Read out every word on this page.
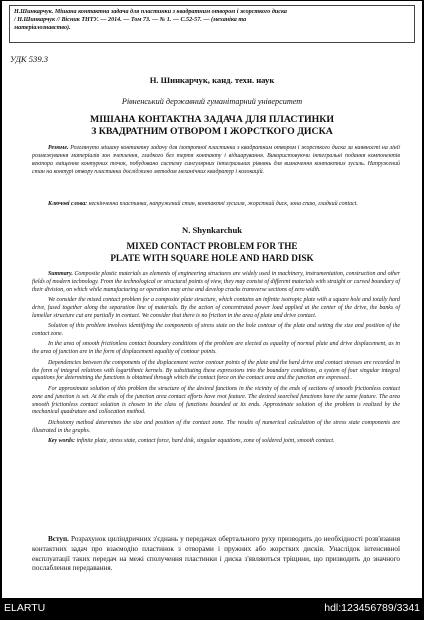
Н.Шинкарчук. Мішана контактна задача для пластинки з квадратним отвором і жорсткого диска
/ Н.Шинкарчук // Вісник ТНТУ. — 2014. — Том 73. — № 1. — С.52-57. — (механіка та
матеріалознавство).
УДК 539.3
Н. Шинкарчук, канд. техн. наук
Рівненський державний гуманітарний університет
МІШАНА КОНТАКТНА ЗАДАЧА ДЛЯ ПЛАСТИНКИ
З КВАДРАТНИМ ОТВОРОМ І ЖОРСТКОГО ДИСКА
Резюме. Розглянуто мішану контактну задачу для ізотропної пластинки з квадратним отвором і жорсткого диска за наявності на лінії розмежування матеріалів зон зчеплення, гладкого без тертя контакту і відшарування. Використовуючи інтегральні подання компонентів вектора зміщення контурних точок, побудовано систему сингулярних інтегральних рівнянь для визначення контактних зусиль. Напружений стан на контурі отвору пластинки досліджено методом механічних квадратур і колокацій.
Ключові слова: нескінченна пластинка, напружений стан, контактні зусилля, жорсткий диск, зона спаю, гладкий contact.
N. Shynkarchuk
MIXED CONTACT PROBLEM FOR THE
PLATE WITH SQUARE HOLE AND HARD DISK

Summary. Composite plastic materials as elements of engineering structures are widely used in machinery, instrumentation, construction and other fields of modern technology. From the technological or structural points of view, they may consist of different materials with straight or curved boundary of their division, on which while manufacturing or operation may arise and develop cracks transverse sections of zero width.

We consider the mixed contact problem for a composite plate structure, which contains an infinite isotropic plate with a square hole and totally hard drive, fused together along the separation line of materials. By the action of concentrated power load applied at the center of the drive, the banks of lamellar structure cut are partially in contact. We consider that there is no friction in the area of plate and drive contact.

Solution of this problem involves identifying the components of stress state on the hole contour of the plate and setting the size and position of the contact zone.

In the area of smooth frictionless contact boundary conditions of the problem are elected as equality of normal plate and drive displacement, as in the area of junction are in the form of displacement equality of contour points.

Dependencies between the components of the displacement vector contour points of the plate and the hard drive and contact stresses are recorded in the form of integral relations with logarithmic kernels. By substituting these expressions into the boundary conditions, a system of four singular integral equations for determining the functions is obtained through which the contact force on the contact area and the junction are expressed .

For approximate solution of this problem the structure of the desired functions in the vicinity of the ends of sections of smooth frictionless contact zone and junction is set. At the ends of the junction area contact efforts have root feature. The desired searched functions have the same feature. The area smooth frictionless contact solution is chosen in the class of functions bounded at its ends. Approximate solution of the problem is realized by the mechanical quadrature and collocation method.

Dichotomy method determines the size and position of the contact zone. The results of numerical calculation of the stress state components are illustrated in the graphs.

Key words: infinite plate, stress state, contact force, hard disk, singular equations, zone of soldered joint, smooth contact.

Вступ. Розрахунок циліндричних з'єднань у передачах обертального руху призводить до необхідності розв'язання контактних задач про взаємодію пластинок з отворами і пружних або жорстких дисків. Унаслідок інтенсивної експлуатації таких передач на межі сполучення пластинки і диска з'являються тріщини, що призводить до значного послаблення передавання.
ELARTU	hdl:123456789/3341
